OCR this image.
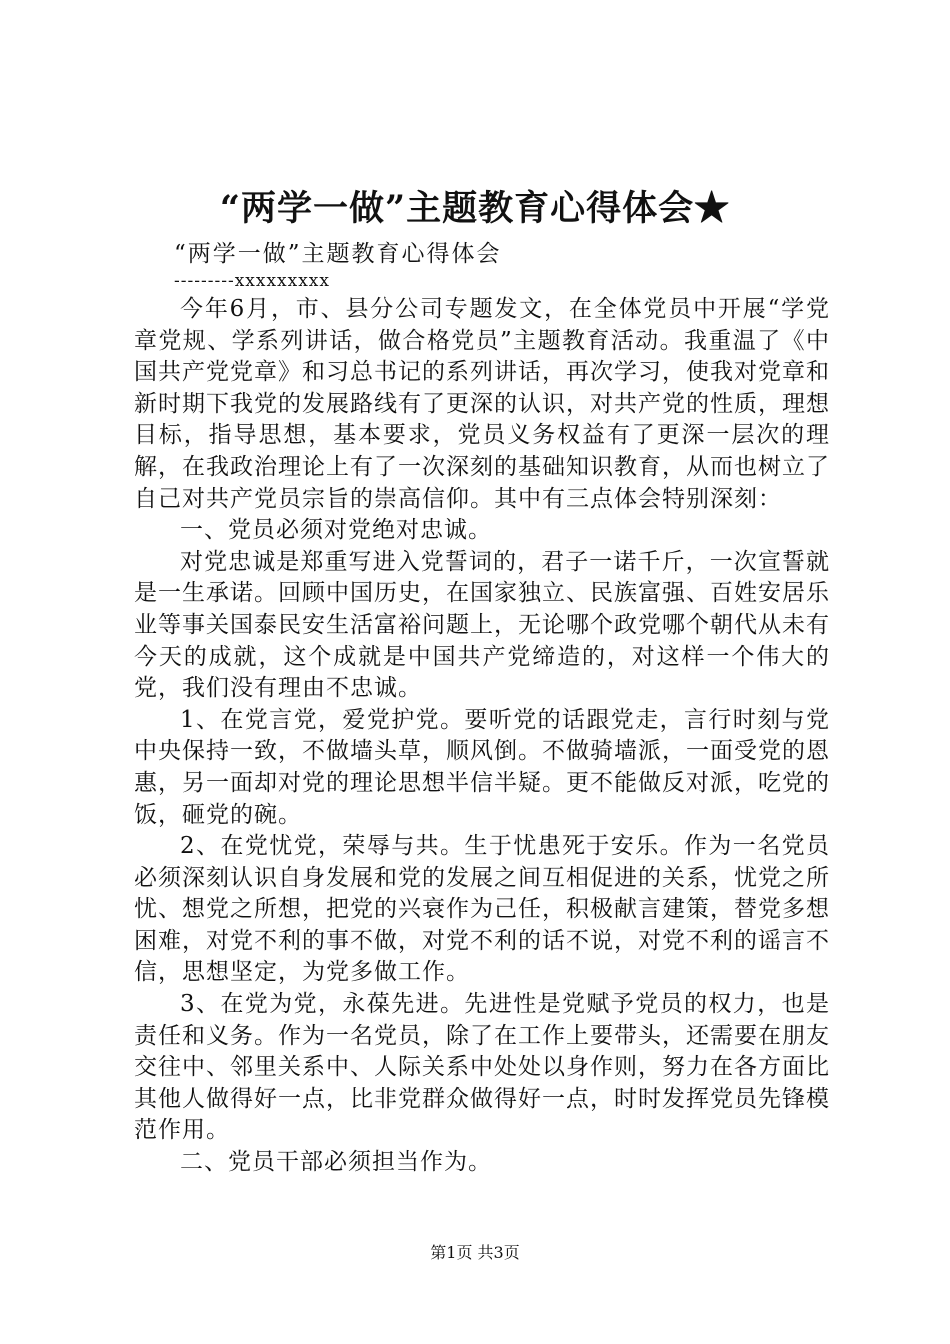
“两学一做”主题教育心得体会★

“两学一做”主题教育心得体会

---------xxxxxxxxx

今年6月，市、县分公司专题发文，在全体党员中开展“学党章党规、学系列讲话，做合格党员”主题教育活动。我重温了《中国共产党党章》和习总书记的系列讲话，再次学习，使我对党章和新时期下我党的发展路线有了更深的认识，对共产党的性质，理想目标，指导思想，基本要求，党员义务权益有了更深一层次的理解，在我政治理论上有了一次深刻的基础知识教育，从而也树立了自己对共产党员宗旨的崇高信仰。其中有三点体会特别深刻：

一、党员必须对党绝对忠诚。

对党忠诚是郑重写进入党誓词的，君子一诺千斤，一次宣誓就是一生承诺。回顾中国历史，在国家独立、民族富强、百姓安居乐业等事关国泰民安生活富裕问题上，无论哪个政党哪个朝代从未有今天的成就，这个成就是中国共产党缔造的，对这样一个伟大的党，我们没有理由不忠诚。

1、在党言党，爱党护党。要听党的话跟党走，言行时刻与党中央保持一致，不做墙头草，顺风倒。不做骑墙派，一面受党的恩惠，另一面却对党的理论思想半信半疑。更不能做反对派，吃党的饭，砸党的碗。

2、在党忧党，荣辱与共。生于忧患死于安乐。作为一名党员必须深刻认识自身发展和党的发展之间互相促进的关系，忧党之所忧、想党之所想，把党的兴衰作为己任，积极献言建策，替党多想困难，对党不利的事不做，对党不利的话不说，对党不利的谣言不信，思想坚定，为党多做工作。

3、在党为党，永葆先进。先进性是党赋予党员的权力，也是责任和义务。作为一名党员，除了在工作上要带头，还需要在朋友交往中、邻里关系中、人际关系中处处以身作则，努力在各方面比其他人做得好一点，比非党群众做得好一点，时时发挥党员先锋模范作用。

二、党员干部必须担当作为。

第1页 共3页
